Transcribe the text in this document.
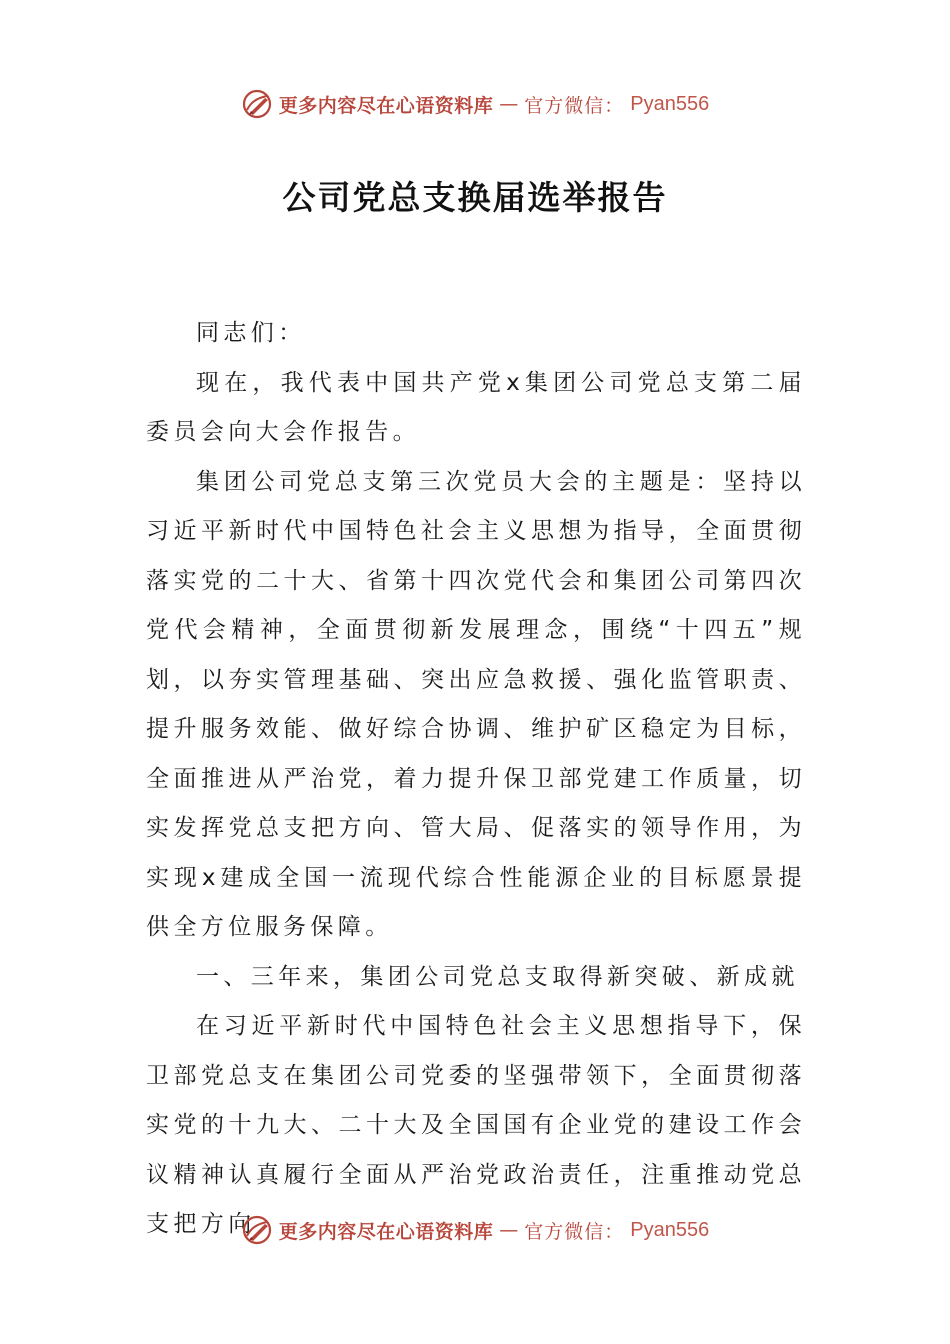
更多内容尽在心语资料库 — 官方微信： Pyan556
公司党总支换届选举报告

同志们：

现在，我代表中国共产党x集团公司党总支第二届委员会向大会作报告。

集团公司党总支第三次党员大会的主题是：坚持以习近平新时代中国特色社会主义思想为指导，全面贯彻落实党的二十大、省第十四次党代会和集团公司第四次党代会精神，全面贯彻新发展理念，围绕“十四五”规划，以夯实管理基础、突出应急救援、强化监管职责、提升服务效能、做好综合协调、维护矿区稳定为目标，全面推进从严治党，着力提升保卫部党建工作质量，切实发挥党总支把方向、管大局、促落实的领导作用，为实现x建成全国一流现代综合性能源企业的目标愿景提供全方位服务保障。

一、三年来，集团公司党总支取得新突破、新成就

在习近平新时代中国特色社会主义思想指导下，保卫部党总支在集团公司党委的坚强带领下，全面贯彻落实党的十九大、二十大及全国国有企业党的建设工作会议精神认真履行全面从严治党政治责任，注重推动党总支把方向	更多内容尽在心语资料库 — 官方微信： Pyan556
